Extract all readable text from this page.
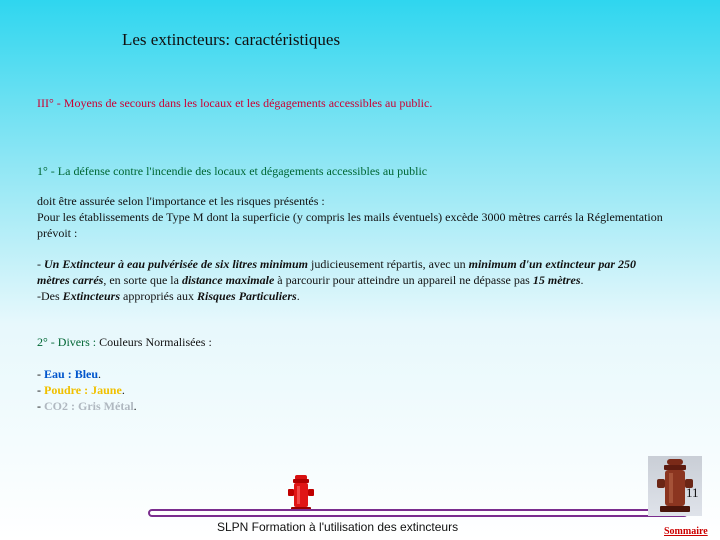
Les extincteurs: caractéristiques
III° - Moyens de secours dans les locaux et les dégagements accessibles au public.
1° - La défense contre l'incendie des locaux et dégagements accessibles au public
doit être assurée selon l'importance et les risques présentés :
Pour les établissements de Type M dont la superficie (y compris les mails éventuels) excède 3000 mètres carrés la Réglementation prévoit :
- Un Extincteur à eau pulvérisée de six litres minimum judicieusement répartis, avec un minimum d'un extincteur par 250 mètres carrés, en sorte que la distance maximale à parcourir pour atteindre un appareil ne dépasse pas 15 mètres.
-Des Extincteurs appropriés aux Risques Particuliers.
2° - Divers : Couleurs Normalisées :
- Eau : Bleu.
- Poudre : Jaune.
- CO2 : Gris Métal.
SLPN Formation à l'utilisation des extincteurs
11
Sommaire
